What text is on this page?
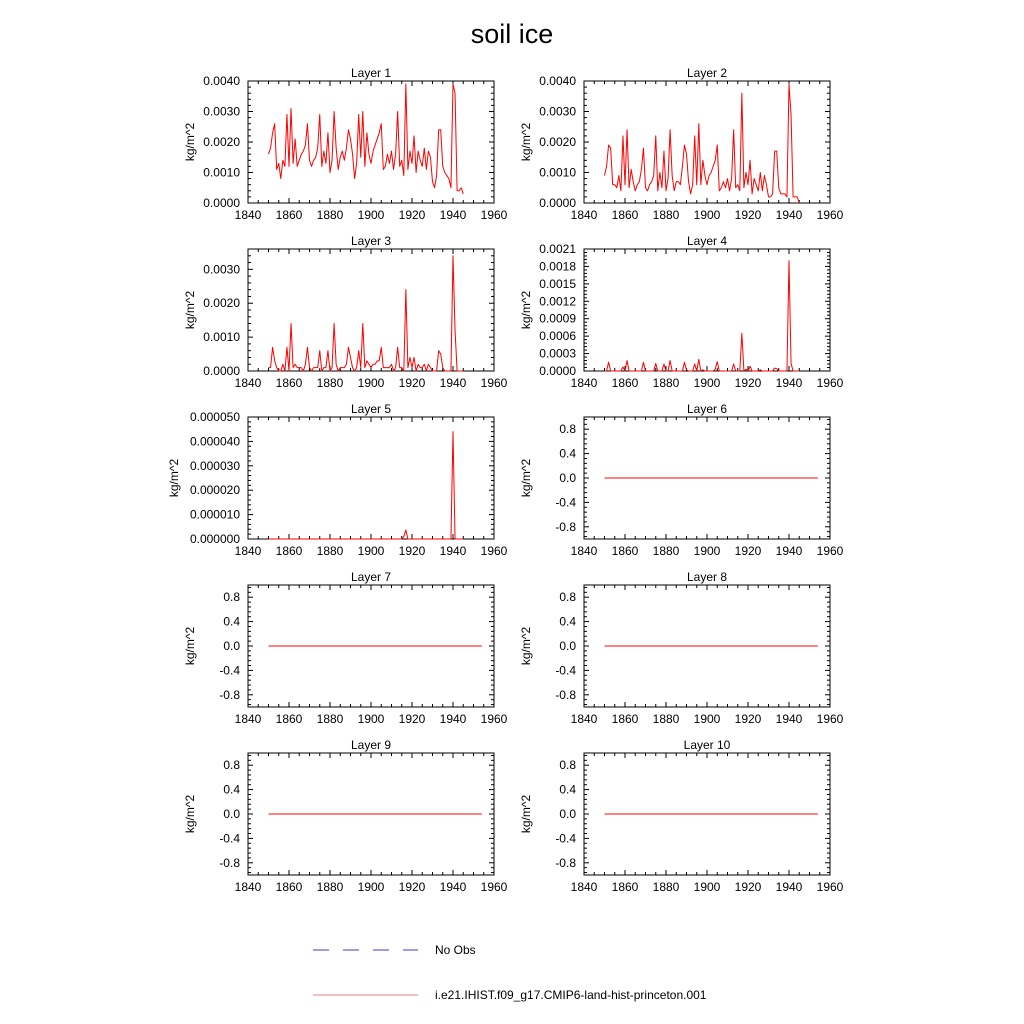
soil ice
Layer 1
1840 1860 1880 1900 1920 1940 1960
0.0000
0.0010
0.0020
0.0030
0.0040
kg/m^2
Layer 2
1840 1860 1880 1900 1920 1940 1960
0.0000
0.0010
0.0020
0.0030
0.0040
kg/m^2
Layer 3
1840 1860 1880 1900 1920 1940 1960
0.0000
0.0010
0.0020
0.0030
kg/m^2
Layer 4
1840 1860 1880 1900 1920 1940 1960
0.0000
0.0003
0.0006
0.0009
0.0012
0.0015
0.0018
0.0021
kg/m^2
Layer 5
1840 1860 1880 1900 1920 1940 1960
0.000000
0.000010
0.000020
0.000030
0.000040
0.000050
kg/m^2
Layer 6
1840 1860 1880 1900 1920 1940 1960
-0.8
-0.4
0.0
0.4
0.8
kg/m^2
Layer 7
1840 1860 1880 1900 1920 1940 1960
-0.8
-0.4
0.0
0.4
0.8
kg/m^2
Layer 8
1840 1860 1880 1900 1920 1940 1960
-0.8
-0.4
0.0
0.4
0.8
kg/m^2
Layer 9
1840 1860 1880 1900 1920 1940 1960
-0.8
-0.4
0.0
0.4
0.8
kg/m^2
Layer 10
1840 1860 1880 1900 1920 1940 1960
-0.8
-0.4
0.0
0.4
0.8
kg/m^2
No Obs
i.e21.IHIST.f09_g17.CMIP6-land-hist-princeton.001
